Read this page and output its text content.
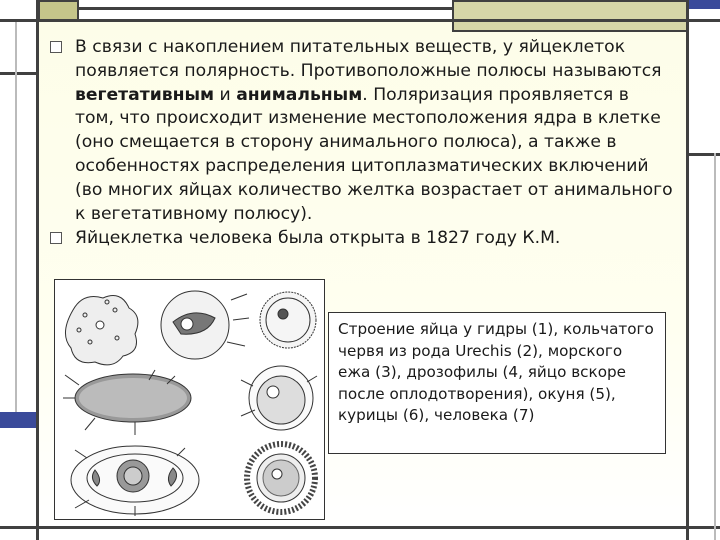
В связи с накоплением питательных веществ, у яйцеклеток появляется полярность. Противоположные полюсы называются вегетативным и анимальным. Поляризация проявляется в том, что происходит изменение местоположения ядра в клетке (оно смещается в сторону анимального полюса), а также в особенностях распределения цитоплазматических включений (во многих яйцах количество желтка возрастает от анимального к вегетативному полюсу).

Яйцеклетка человека была открыта в 1827 году К.М.

Строение яйца у гидры (1), кольчатого червя из рода Urechis (2), морского ежа (3), дрозофилы (4, яйцо вскоре после оплодотворения), окуня (5), курицы (6), человека (7)
